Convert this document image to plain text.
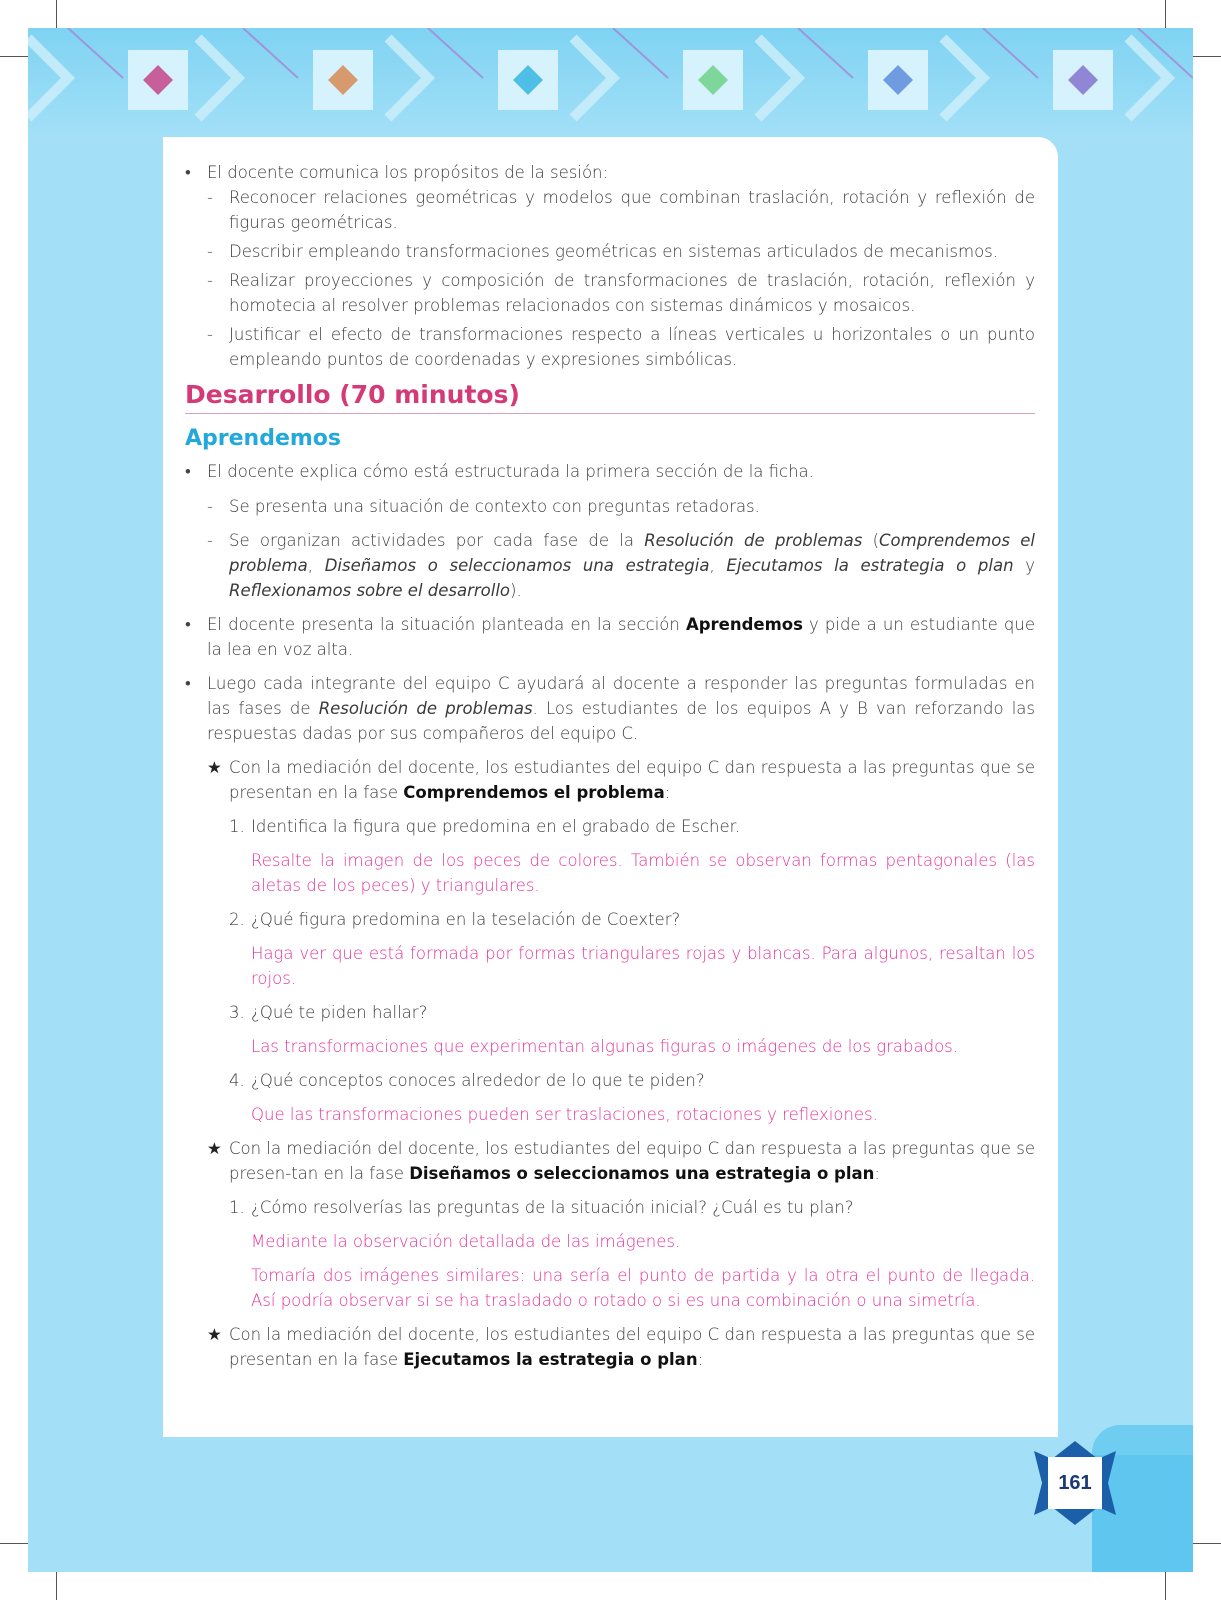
• El docente comunica los propósitos de la sesión:
- Reconocer relaciones geométricas y modelos que combinan traslación, rotación y reflexión de figuras geométricas.
- Describir empleando transformaciones geométricas en sistemas articulados de mecanismos.
- Realizar proyecciones y composición de transformaciones de traslación, rotación, reflexión y homotecia al resolver problemas relacionados con sistemas dinámicos y mosaicos.
- Justificar el efecto de transformaciones respecto a líneas verticales u horizontales o un punto empleando puntos de coordenadas y expresiones simbólicas.
Desarrollo (70 minutos)
Aprendemos
• El docente explica cómo está estructurada la primera sección de la ficha.
- Se presenta una situación de contexto con preguntas retadoras.
- Se organizan actividades por cada fase de la Resolución de problemas (Comprendemos el problema, Diseñamos o seleccionamos una estrategia, Ejecutamos la estrategia o plan y Reflexionamos sobre el desarrollo).
• El docente presenta la situación planteada en la sección Aprendemos y pide a un estudiante que la lea en voz alta.
• Luego cada integrante del equipo C ayudará al docente a responder las preguntas formuladas en las fases de Resolución de problemas. Los estudiantes de los equipos A y B van reforzando las respuestas dadas por sus compañeros del equipo C.
★ Con la mediación del docente, los estudiantes del equipo C dan respuesta a las preguntas que se presentan en la fase Comprendemos el problema:
1. Identifica la figura que predomina en el grabado de Escher.
Resalte la imagen de los peces de colores. También se observan formas pentagonales (las aletas de los peces) y triangulares.
2. ¿Qué figura predomina en la teselación de Coexter?
Haga ver que está formada por formas triangulares rojas y blancas. Para algunos, resaltan los rojos.
3. ¿Qué te piden hallar?
Las transformaciones que experimentan algunas figuras o imágenes de los grabados.
4. ¿Qué conceptos conoces alrededor de lo que te piden?
Que las transformaciones pueden ser traslaciones, rotaciones y reflexiones.
★ Con la mediación del docente, los estudiantes del equipo C dan respuesta a las preguntas que se presen-tan en la fase Diseñamos o seleccionamos una estrategia o plan:
1. ¿Cómo resolverías las preguntas de la situación inicial? ¿Cuál es tu plan?
Mediante la observación detallada de las imágenes.
Tomaría dos imágenes similares: una sería el punto de partida y la otra el punto de llegada. Así podría observar si se ha trasladado o rotado o si es una combinación o una simetría.
★ Con la mediación del docente, los estudiantes del equipo C dan respuesta a las preguntas que se presentan en la fase Ejecutamos la estrategia o plan:
161
